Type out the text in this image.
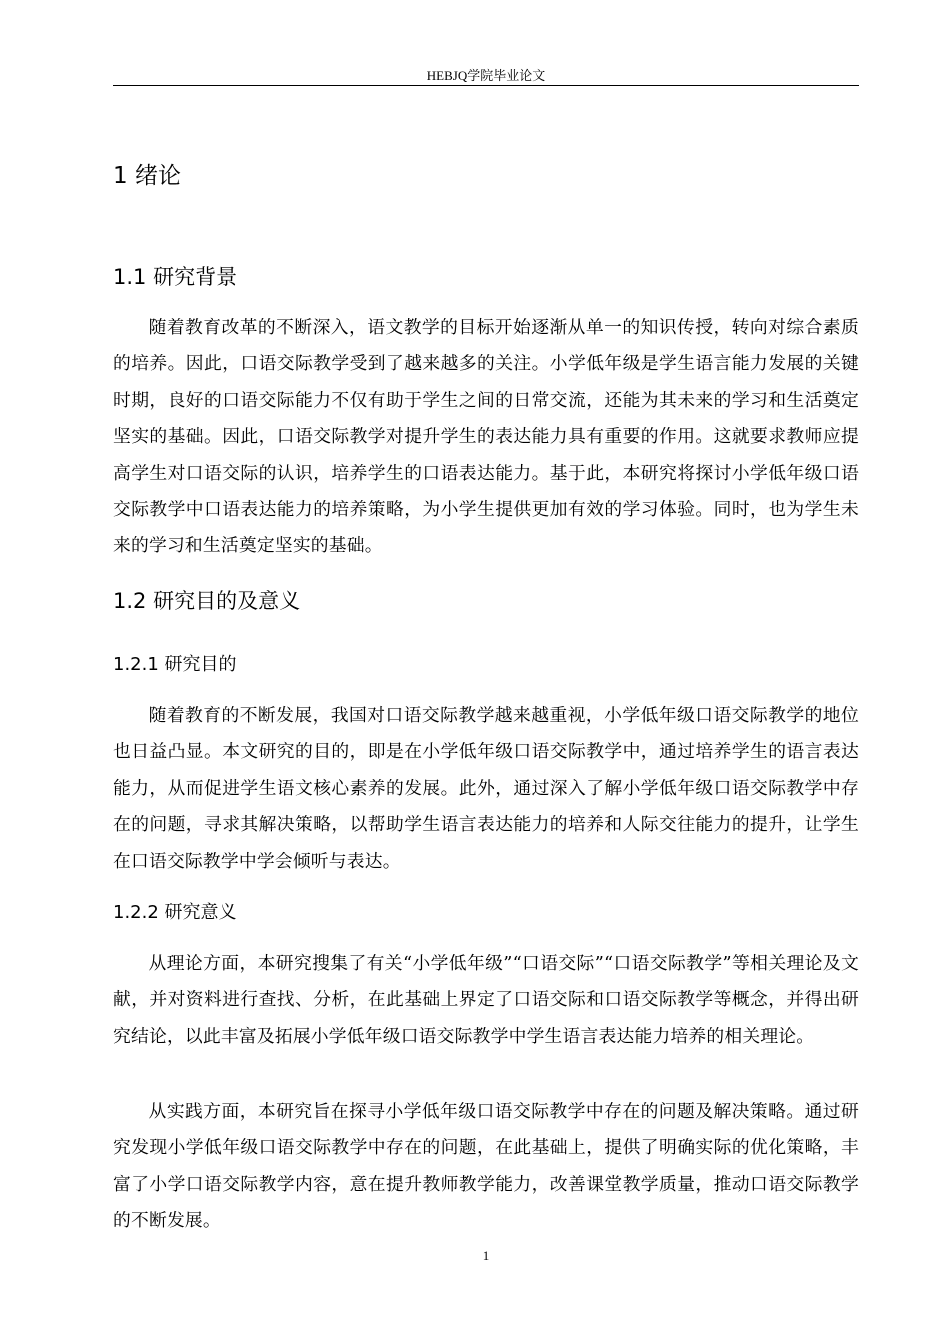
HEBJQ学院毕业论文
1 绪论
1.1 研究背景

随着教育改革的不断深入，语文教学的目标开始逐渐从单一的知识传授，转向对综合素质的培养。因此，口语交际教学受到了越来越多的关注。小学低年级是学生语言能力发展的关键时期，良好的口语交际能力不仅有助于学生之间的日常交流，还能为其未来的学习和生活奠定坚实的基础。因此，口语交际教学对提升学生的表达能力具有重要的作用。这就要求教师应提高学生对口语交际的认识，培养学生的口语表达能力。基于此，本研究将探讨小学低年级口语交际教学中口语表达能力的培养策略，为小学生提供更加有效的学习体验。同时，也为学生未来的学习和生活奠定坚实的基础。

1.2 研究目的及意义
1.2.1 研究目的

随着教育的不断发展，我国对口语交际教学越来越重视，小学低年级口语交际教学的地位也日益凸显。本文研究的目的，即是在小学低年级口语交际教学中，通过培养学生的语言表达能力，从而促进学生语文核心素养的发展。此外，通过深入了解小学低年级口语交际教学中存在的问题，寻求其解决策略，以帮助学生语言表达能力的培养和人际交往能力的提升，让学生在口语交际教学中学会倾听与表达。

1.2.2 研究意义

从理论方面，本研究搜集了有关“小学低年级”“口语交际”“口语交际教学”等相关理论及文献，并对资料进行查找、分析，在此基础上界定了口语交际和口语交际教学等概念，并得出研究结论，以此丰富及拓展小学低年级口语交际教学中学生语言表达能力培养的相关理论。

从实践方面，本研究旨在探寻小学低年级口语交际教学中存在的问题及解决策略。通过研究发现小学低年级口语交际教学中存在的问题，在此基础上，提供了明确实际的优化策略，丰富了小学口语交际教学内容，意在提升教师教学能力，改善课堂教学质量，推动口语交际教学的不断发展。

1
